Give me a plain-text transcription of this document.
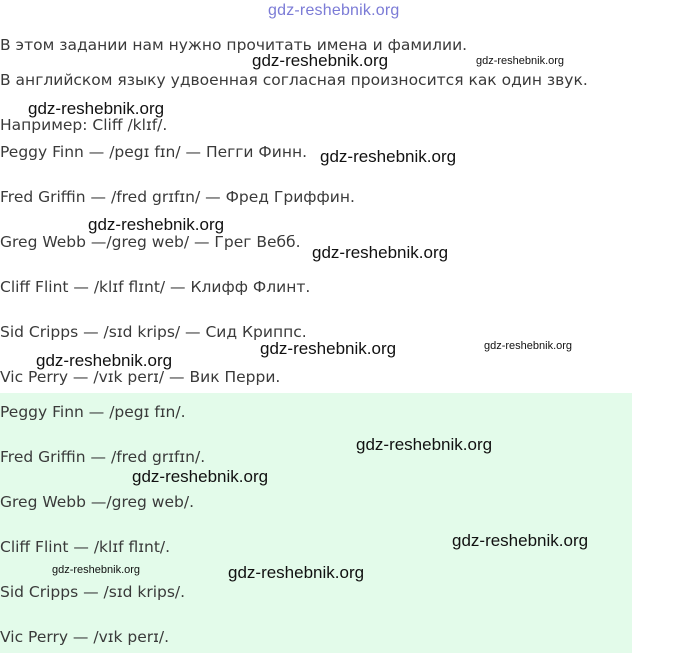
gdz-reshebnik.org
В этом задании нам нужно прочитать имена и фамилии.
В английском языку удвоенная согласная произносится как один звук.
Например: Cliff /klɪf/.
Peggy Finn — /pegɪ fɪn/ — Пегги Финн.
Fred Griffin — /fred grɪfɪn/ — Фред Гриффин.
Greg Webb —/greg web/ — Грег Вебб.
Cliff Flint — /klɪf flɪnt/ — Клифф Флинт.
Sid Cripps — /sɪd krips/ — Сид Криппс.
Vic Perry — /vɪk perɪ/ — Вик Перри.
Peggy Finn — /pegɪ fɪn/.
Fred Griffin — /fred grɪfɪn/.
Greg Webb —/greg web/.
Cliff Flint — /klɪf flɪnt/.
Sid Cripps — /sɪd krips/.
Vic Perry — /vɪk perɪ/.
gdz-reshebnik.org	gdz-reshebnik.org
gdz-reshebnik.org
gdz-reshebnik.org
gdz-reshebnik.org
gdz-reshebnik.org
gdz-reshebnik.org	gdz-reshebnik.org
gdz-reshebnik.org
gdz-reshebnik.org
gdz-reshebnik.org
gdz-reshebnik.org
gdz-reshebnik.org	gdz-reshebnik.org
